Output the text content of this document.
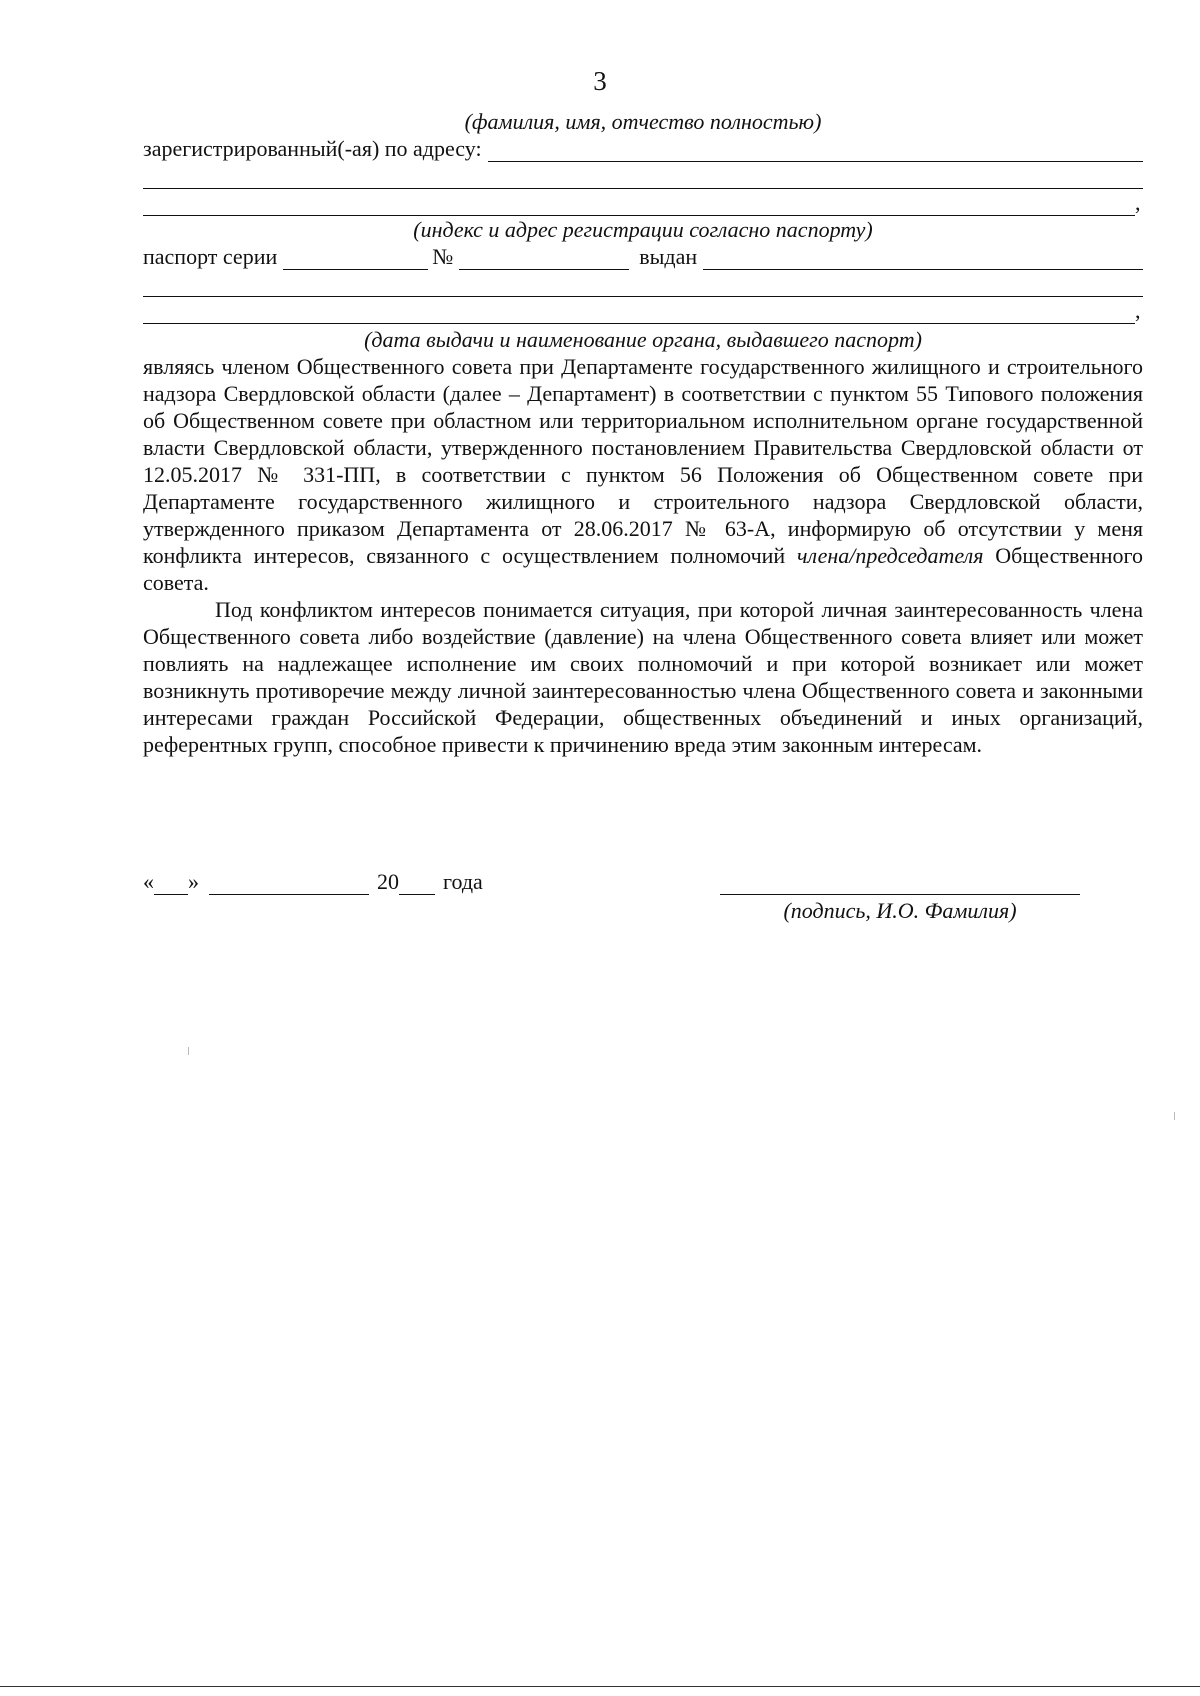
3
(фамилия, имя, отчество полностью)
зарегистрированный(-ая) по адресу:
,
(индекс и адрес регистрации согласно паспорту)
паспорт серии	№	выдан
,
(дата выдачи и наименование органа, выдавшего паспорт)

являясь членом Общественного совета при Департаменте государственного жилищного и строительного надзора Свердловской области (далее – Департамент) в соответствии с пунктом 55 Типового положения об Общественном совете при областном или территориальном исполнительном органе государственной власти Свердловской области, утвержденного постановлением Правительства Свердловской области от 12.05.2017 № 331-ПП, в соответствии с пунктом 56 Положения об Общественном совете при Департаменте государственного жилищного и строительного надзора Свердловской области, утвержденного приказом Департамента от 28.06.2017 № 63-А, информирую об отсутствии у меня конфликта интересов, связанного с осуществлением полномочий члена/председателя Общественного совета.

Под конфликтом интересов понимается ситуация, при которой личная заинтересованность члена Общественного совета либо воздействие (давление) на члена Общественного совета влияет или может повлиять на надлежащее исполнение им своих полномочий и при которой возникает или может возникнуть противоречие между личной заинтересованностью члена Общественного совета и законными интересами граждан Российской Федерации, общественных объединений и иных организаций, референтных групп, способное привести к причинению вреда этим законным интересам.

« »	20 года
(подпись, И.О. Фамилия)
